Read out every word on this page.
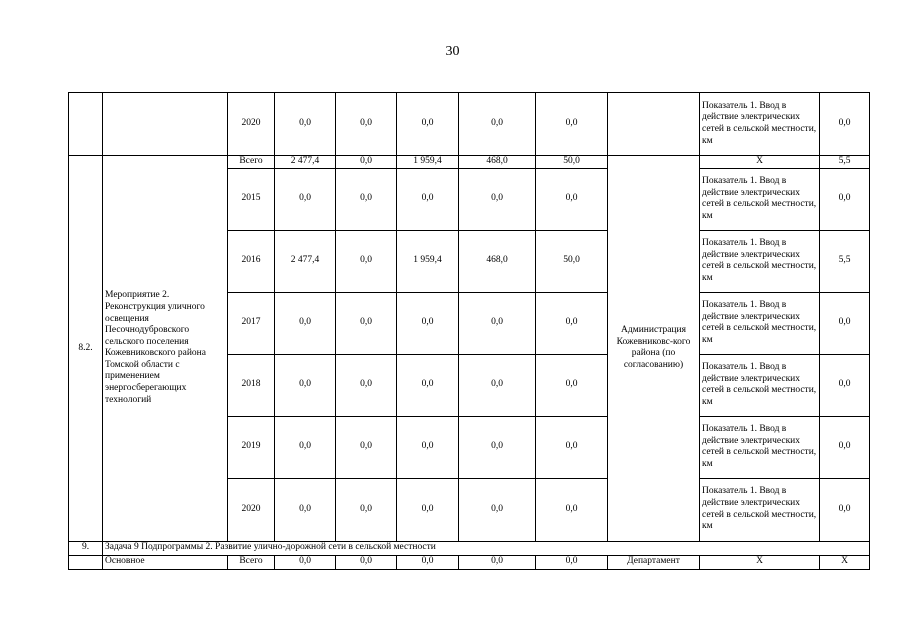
30
		2020	0,0	0,0	0,0	0,0	0,0		Показатель 1. Ввод в действие электрических сетей в сельской местности, км	0,0
8.2.	Мероприятие 2. Реконструкция уличного освещения Песочнодубровского сельского поселения Кожевниковского района Томской области с применением энергосберегающих технологий	Всего	2 477,4	0,0	1 959,4	468,0	50,0	Администрация Кожевниковс-кого района (по согласованию)	Х	5,5
		2015	0,0	0,0	0,0	0,0	0,0		Показатель 1. Ввод в действие электрических сетей в сельской местности, км	0,0
		2016	2 477,4	0,0	1 959,4	468,0	50,0		Показатель 1. Ввод в действие электрических сетей в сельской местности, км	5,5
		2017	0,0	0,0	0,0	0,0	0,0		Показатель 1. Ввод в действие электрических сетей в сельской местности, км	0,0
		2018	0,0	0,0	0,0	0,0	0,0		Показатель 1. Ввод в действие электрических сетей в сельской местности, км	0,0
		2019	0,0	0,0	0,0	0,0	0,0		Показатель 1. Ввод в действие электрических сетей в сельской местности, км	0,0
		2020	0,0	0,0	0,0	0,0	0,0		Показатель 1. Ввод в действие электрических сетей в сельской местности, км	0,0
9.	Задача 9 Подпрограммы 2. Развитие улично-дорожной сети в сельской местности									
	Основное	Всего	0,0	0,0	0,0	0,0	0,0	Департамент	Х	Х
